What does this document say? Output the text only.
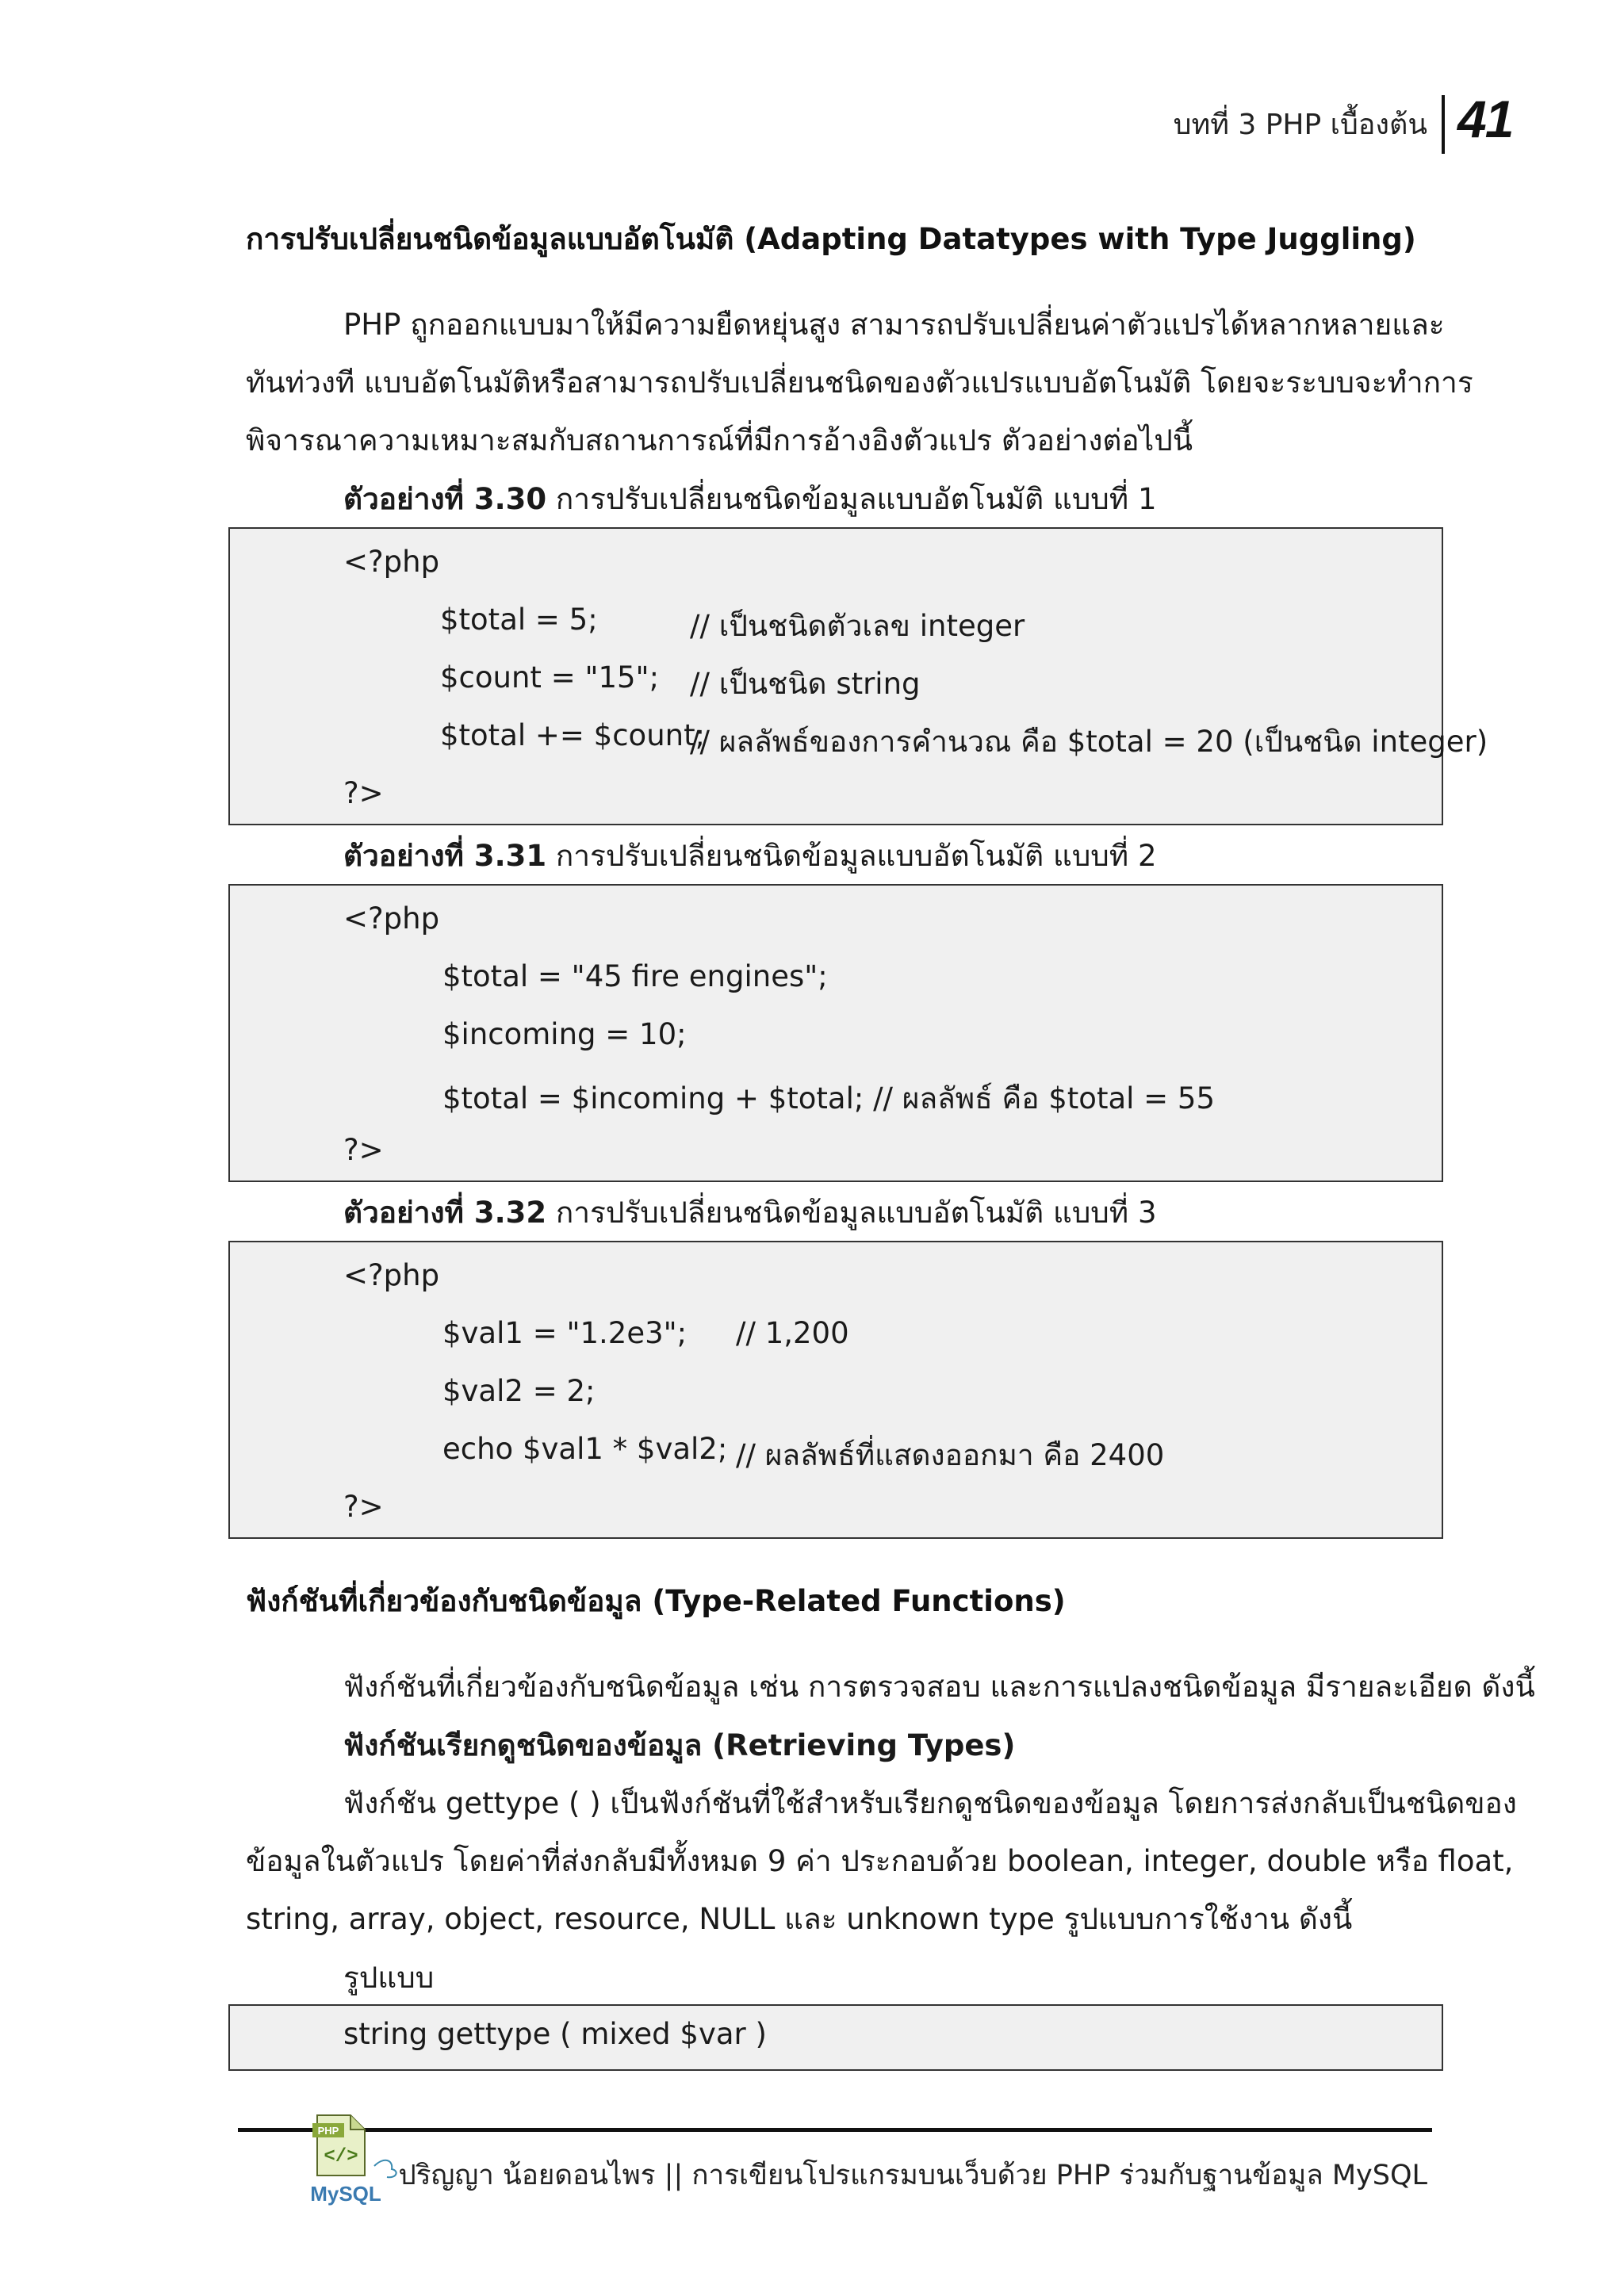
บทที่ 3 PHP เบื้องต้น 41
การปรับเปลี่ยนชนิดข้อมูลแบบอัตโนมัติ (Adapting Datatypes with Type Juggling)
PHP ถูกออกแบบมาให้มีความยืดหยุ่นสูง สามารถปรับเปลี่ยนค่าตัวแปรได้หลากหลายและ
ทันท่วงที แบบอัตโนมัติหรือสามารถปรับเปลี่ยนชนิดของตัวแปรแบบอัตโนมัติ โดยจะระบบจะทำการ
พิจารณาความเหมาะสมกับสถานการณ์ที่มีการอ้างอิงตัวแปร ตัวอย่างต่อไปนี้
ตัวอย่างที่ 3.30 การปรับเปลี่ยนชนิดข้อมูลแบบอัตโนมัติ แบบที่ 1
<?php
$total = 5;	// เป็นชนิดตัวเลข integer
$count = "15"; // เป็นชนิด string
$total += $count;
// ผลลัพธ์ของการคำนวณ คือ $total = 20 (เป็นชนิด integer)
?>
ตัวอย่างที่ 3.31 การปรับเปลี่ยนชนิดข้อมูลแบบอัตโนมัติ แบบที่ 2
<?php
$total = "45 fire engines";
$incoming = 10;
$total = $incoming + $total; // ผลลัพธ์ คือ $total = 55
?>
ตัวอย่างที่ 3.32 การปรับเปลี่ยนชนิดข้อมูลแบบอัตโนมัติ แบบที่ 3
<?php
$val1 = "1.2e3"; // 1,200
$val2 = 2;
echo $val1 * $val2; // ผลลัพธ์ที่แสดงออกมา คือ 2400
?>
ฟังก์ชันที่เกี่ยวข้องกับชนิดข้อมูล (Type-Related Functions)
ฟังก์ชันที่เกี่ยวข้องกับชนิดข้อมูล เช่น การตรวจสอบ และการแปลงชนิดข้อมูล มีรายละเอียด ดังนี้
ฟังก์ชันเรียกดูชนิดของข้อมูล (Retrieving Types)
ฟังก์ชัน gettype ( ) เป็นฟังก์ชันที่ใช้สำหรับเรียกดูชนิดของข้อมูล โดยการส่งกลับเป็นชนิดของ
ข้อมูลในตัวแปร โดยค่าที่ส่งกลับมีทั้งหมด 9 ค่า ประกอบด้วย boolean, integer, double หรือ float,
string, array, object, resource, NULL และ unknown type รูปแบบการใช้งาน ดังนี้
รูปแบบ
string gettype ( mixed $var )
PHP
</>
MySQL
ปริญญา น้อยดอนไพร || การเขียนโปรแกรมบนเว็บด้วย PHP ร่วมกับฐานข้อมูล MySQL
